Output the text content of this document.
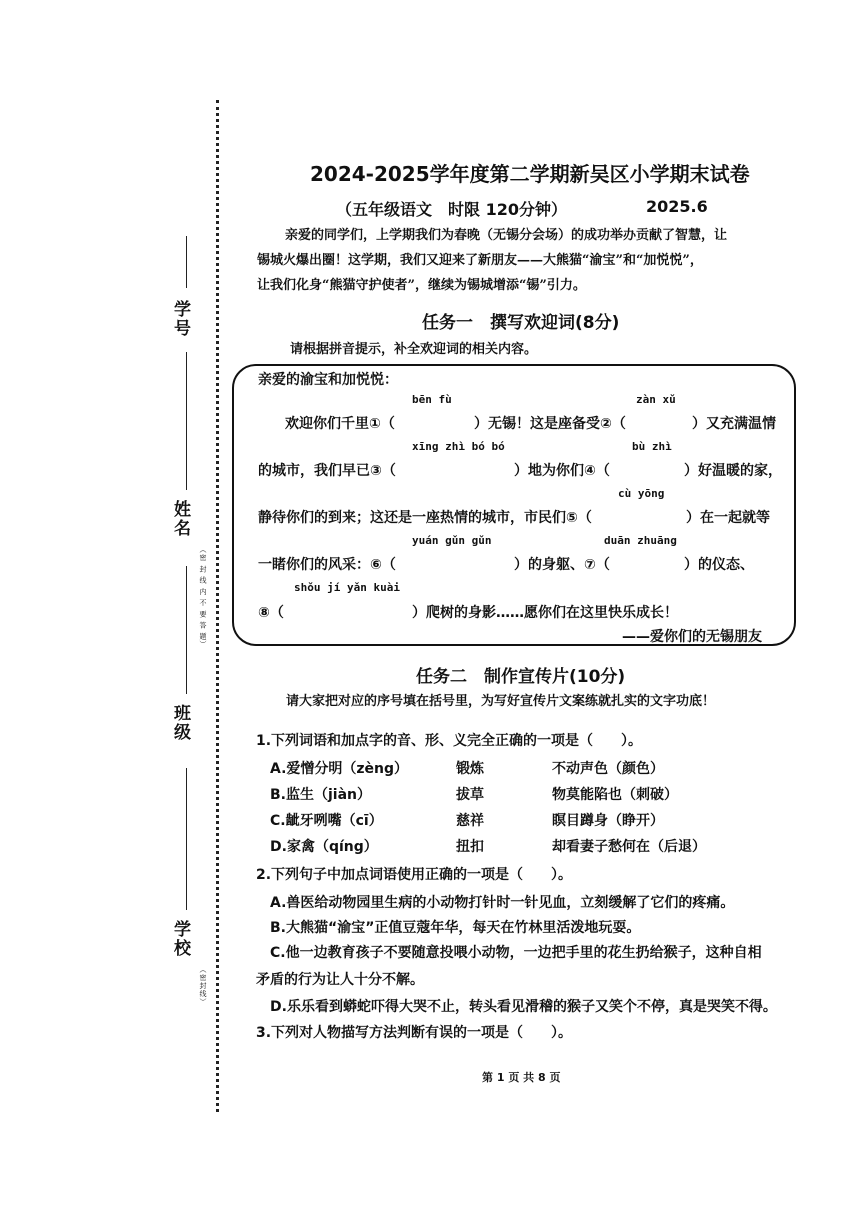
学号
姓名
（密 封 线 内 不 要 答 题）
班级
学校
（密封线）
2024-2025学年度第二学期新吴区小学期末试卷
（五年级语文　时限 120分钟）	2025.6
亲爱的同学们，上学期我们为春晚（无锡分会场）的成功举办贡献了智慧，让
锡城火爆出圈！这学期，我们又迎来了新朋友——大熊猫“渝宝”和“加悦悦”，
让我们化身“熊猫守护使者”，继续为锡城增添“锡”引力。
任务一　撰写欢迎词(8分)
请根据拼音提示，补全欢迎词的相关内容。
亲爱的渝宝和加悦悦：
bēn fù	zàn xǔ
欢迎你们千里①（	）无锡！这是座备受②（	）又充满温情
xīng zhì bó bó	bù zhì
的城市，我们早已③（	）地为你们④（	）好温暖的家，
cù yōng
静待你们的到来；这还是一座热情的城市，市民们⑤（	）在一起就等
yuán gǔn gǔn	duān zhuāng
一睹你们的风采：⑥（	）的身躯、⑦（	）的仪态、
shǒu jí yǎn kuài
⑧（	）爬树的身影……愿你们在这里快乐成长！
——爱你们的无锡朋友
任务二　制作宣传片(10分)
请大家把对应的序号填在括号里，为写好宣传片文案练就扎实的文字功底！
1.下列词语和加点字的音、形、义完全正确的一项是（　　）。
A.爱憎分明（zèng）	锻炼	不动声色（颜色）
B.监生（jiàn）	拔草	物莫能陷也（刺破）
C.龇牙咧嘴（cī）	慈祥	瞑目蹲身（睁开）
D.家禽（qíng）	扭扣	却看妻子愁何在（后退）
2.下列句子中加点词语使用正确的一项是（　　）。
A.兽医给动物园里生病的小动物打针时一针见血，立刻缓解了它们的疼痛。
B.大熊猫“渝宝”正值豆蔻年华，每天在竹林里活泼地玩耍。
C.他一边教育孩子不要随意投喂小动物，一边把手里的花生扔给猴子，这种自相
矛盾的行为让人十分不解。
D.乐乐看到蟒蛇吓得大哭不止，转头看见滑稽的猴子又笑个不停，真是哭笑不得。
3.下列对人物描写方法判断有误的一项是（　　）。
第 1 页 共 8 页
